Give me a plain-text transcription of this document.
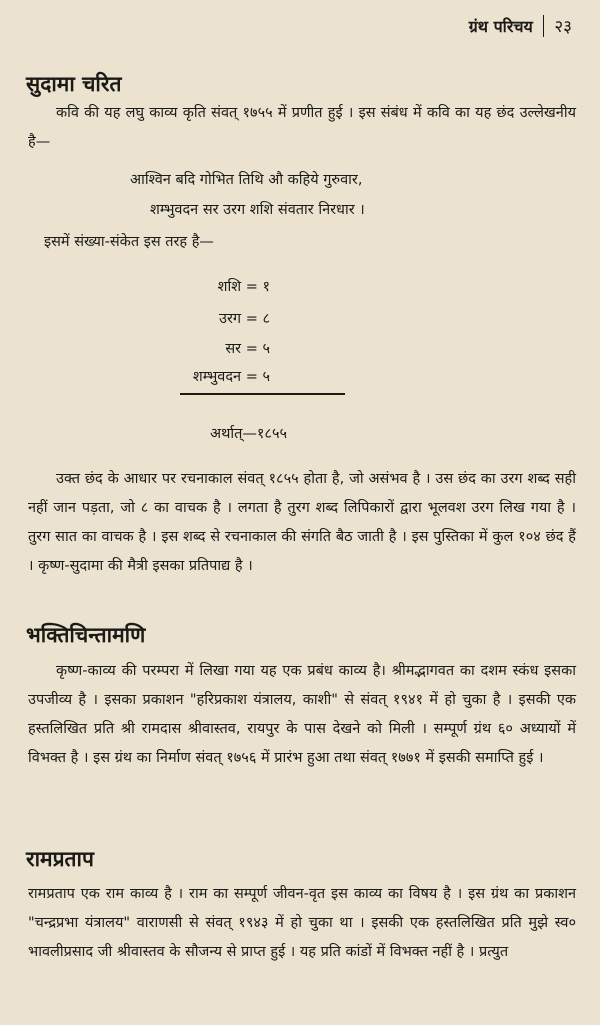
ग्रंथ परिचय २३
सुदामा चरित

कवि की यह लघु काव्य कृति संवत् १७५५ में प्रणीत हुई । इस संबंध में कवि का यह छंद उल्लेखनीय है—

आश्विन बदि गोभित तिथि औ कहिये गुरुवार,

शम्भुवदन सर उरग शशि संवतार निरधार ।

इसमें संख्या-संकेत इस तरह है—

शशि = १
उरग = ८
सर = ५
शम्भुवदन = ५
अर्थात्—१८५५

उक्त छंद के आधार पर रचनाकाल संवत् १८५५ होता है, जो असंभव है । उस छंद का उरग शब्द सही नहीं जान पड़ता, जो ८ का वाचक है । लगता है तुरग शब्द लिपिकारों द्वारा भूलवश उरग लिख गया है । तुरग सात का वाचक है । इस शब्द से रचनाकाल की संगति बैठ जाती है । इस पुस्तिका में कुल १०४ छंद हैं । कृष्ण-सुदामा की मैत्री इसका प्रतिपाद्य है ।

भक्तिचिन्तामणि

कृष्ण-काव्य की परम्परा में लिखा गया यह एक प्रबंध काव्य है। श्रीमद्भागवत का दशम स्कंध इसका उपजीव्य है । इसका प्रकाशन "हरिप्रकाश यंत्रालय, काशी" से संवत् १९४१ में हो चुका है । इसकी एक हस्तलिखित प्रति श्री रामदास श्रीवास्तव, रायपुर के पास देखने को मिली । सम्पूर्ण ग्रंथ ६० अध्यायों में विभक्त है । इस ग्रंथ का निर्माण संवत् १७५६ में प्रारंभ हुआ तथा संवत् १७७१ में इसकी समाप्ति हुई ।

रामप्रताप

रामप्रताप एक राम काव्य है । राम का सम्पूर्ण जीवन-वृत इस काव्य का विषय है । इस ग्रंथ का प्रकाशन "चन्द्रप्रभा यंत्रालय" वाराणसी से संवत् १९४३ में हो चुका था । इसकी एक हस्तलिखित प्रति मुझे स्व० भावलीप्रसाद जी श्रीवास्तव के सौजन्य से प्राप्त हुई । यह प्रति कांडों में विभक्त नहीं है । प्रत्युत
